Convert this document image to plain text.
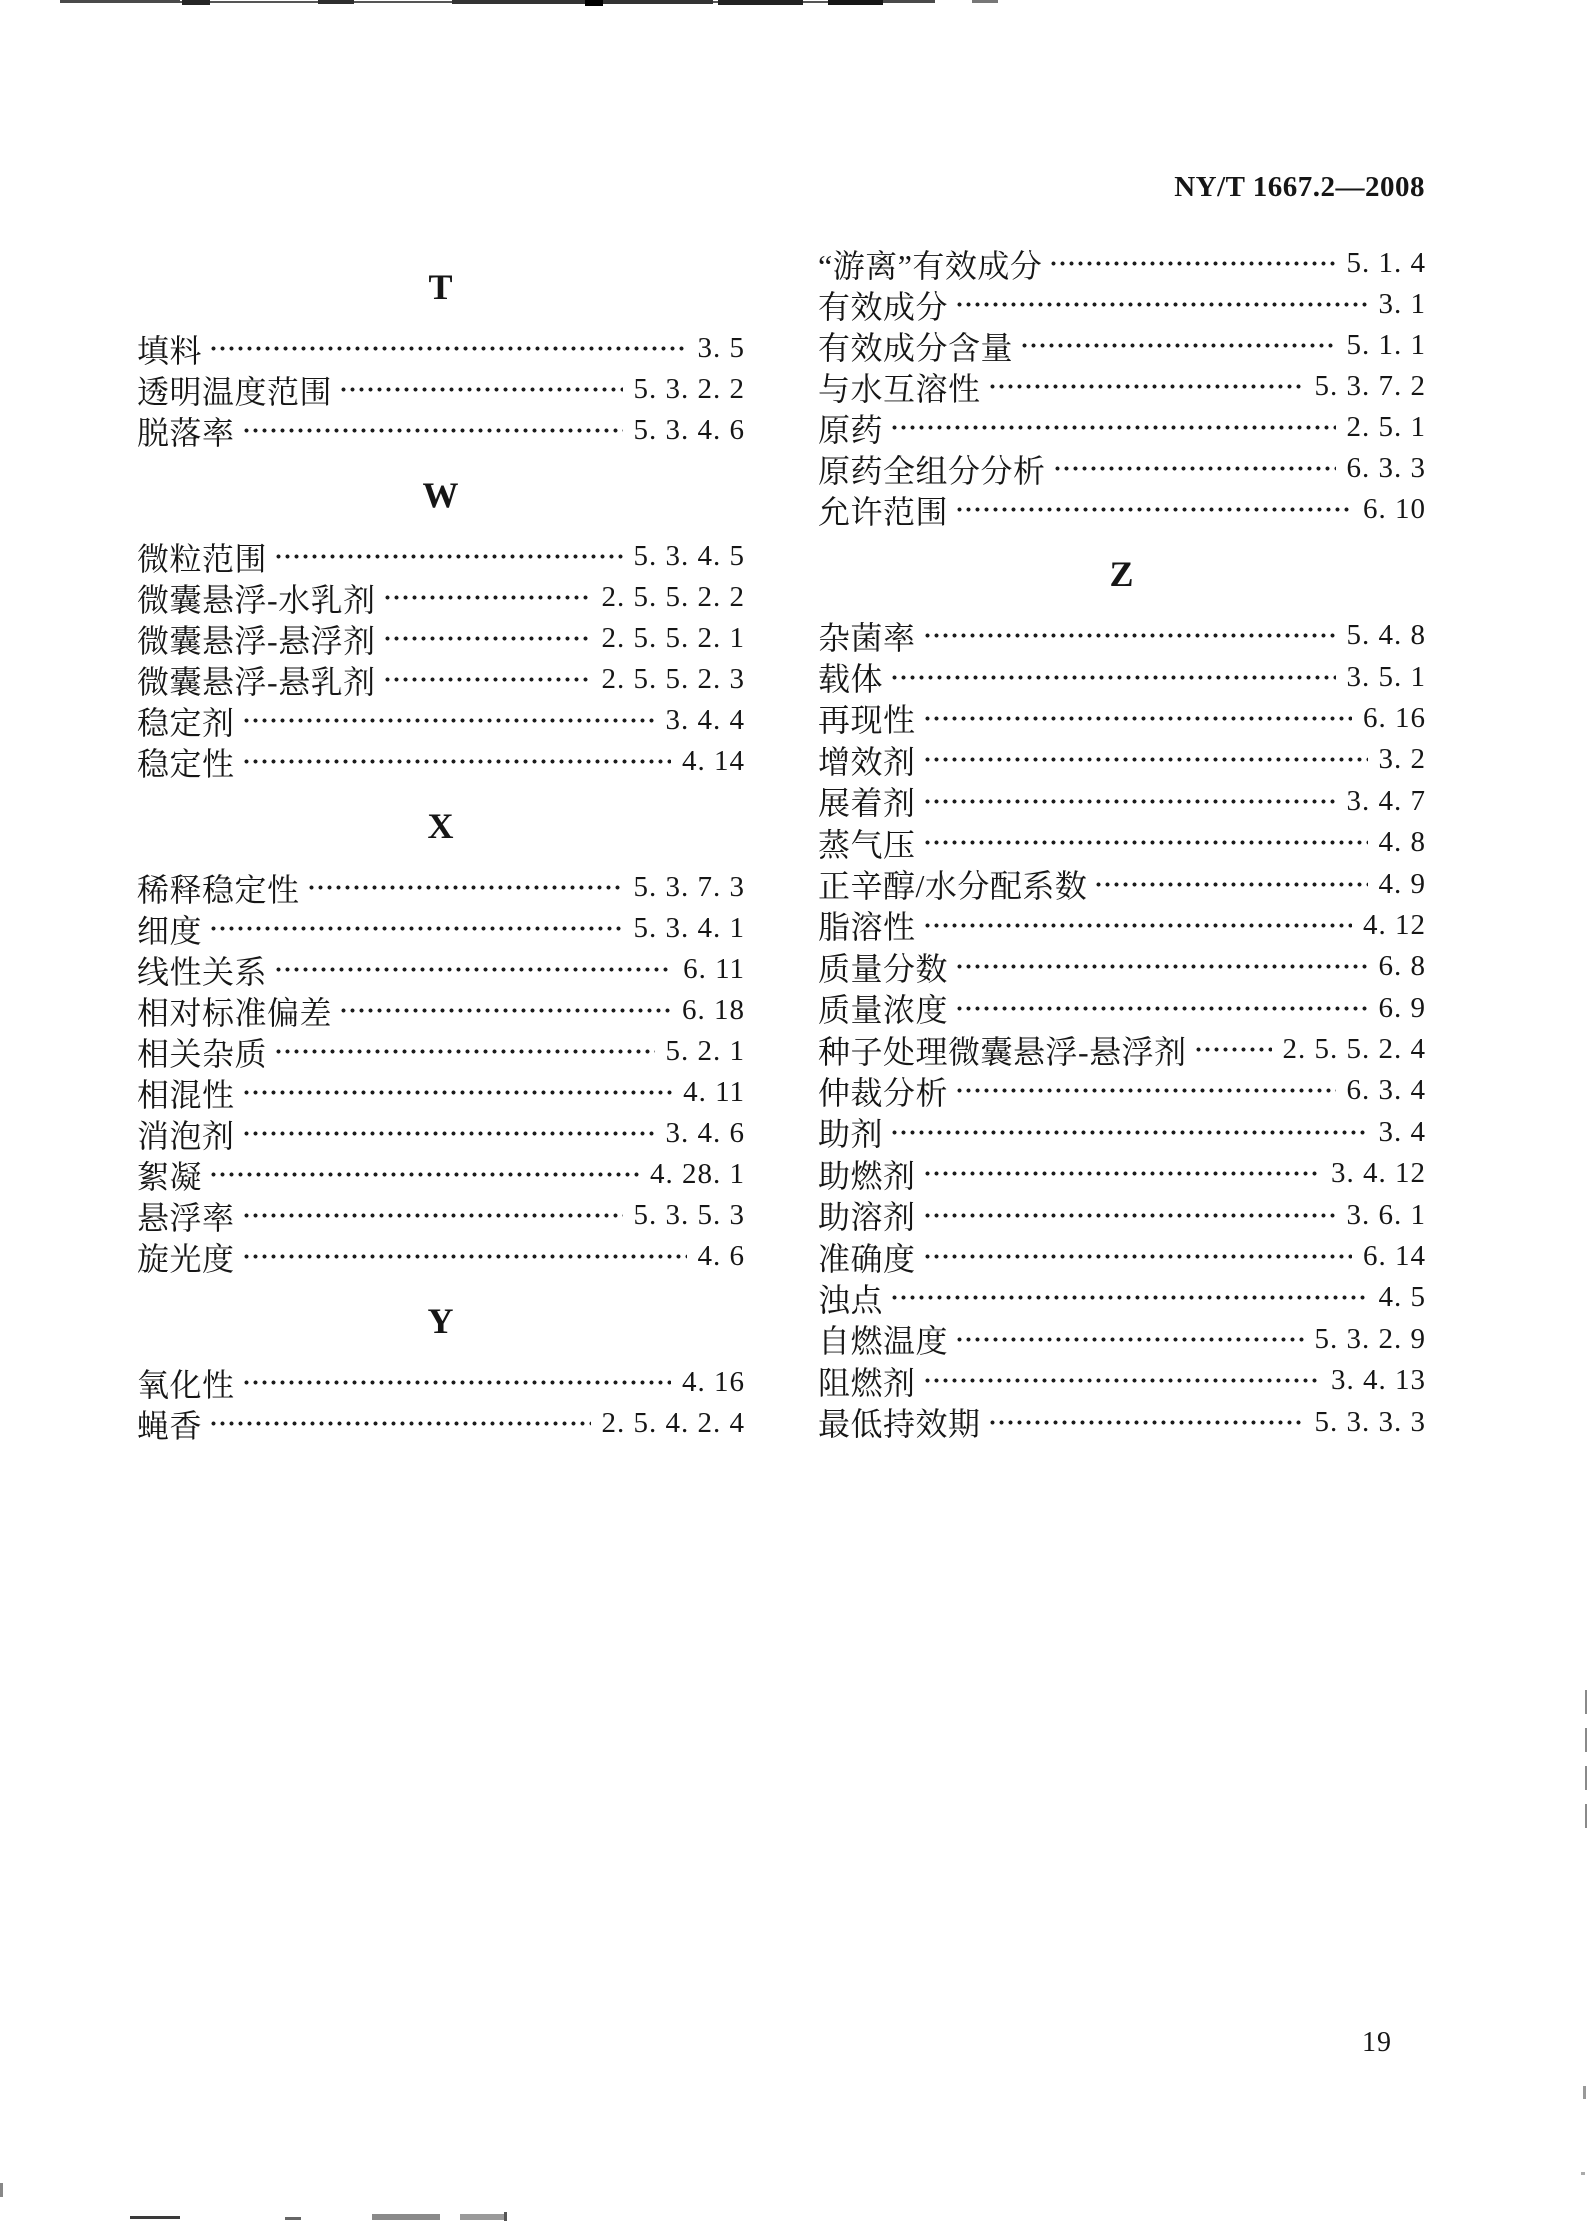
NY/T 1667.2—2008
T
填料	3. 5
透明温度范围	5. 3. 2. 2
脱落率	5. 3. 4. 6
W
微粒范围	5. 3. 4. 5
微囊悬浮-水乳剂	2. 5. 5. 2. 2
微囊悬浮-悬浮剂	2. 5. 5. 2. 1
微囊悬浮-悬乳剂	2. 5. 5. 2. 3
稳定剂	3. 4. 4
稳定性	4. 14
X
稀释稳定性	5. 3. 7. 3
细度	5. 3. 4. 1
线性关系	6. 11
相对标准偏差	6. 18
相关杂质	5. 2. 1
相混性	4. 11
消泡剂	3. 4. 6
絮凝	4. 28. 1
悬浮率	5. 3. 5. 3
旋光度	4. 6
Y
氧化性	4. 16
蝇香	2. 5. 4. 2. 4
“游离”有效成分	5. 1. 4
有效成分	3. 1
有效成分含量	5. 1. 1
与水互溶性	5. 3. 7. 2
原药	2. 5. 1
原药全组分分析	6. 3. 3
允许范围	6. 10
Z
杂菌率	5. 4. 8
载体	3. 5. 1
再现性	6. 16
增效剂	3. 2
展着剂	3. 4. 7
蒸气压	4. 8
正辛醇/水分配系数	4. 9
脂溶性	4. 12
质量分数	6. 8
质量浓度	6. 9
种子处理微囊悬浮-悬浮剂	2. 5. 5. 2. 4
仲裁分析	6. 3. 4
助剂	3. 4
助燃剂	3. 4. 12
助溶剂	3. 6. 1
准确度	6. 14
浊点	4. 5
自燃温度	5. 3. 2. 9
阻燃剂	3. 4. 13
最低持效期	5. 3. 3. 3
19
